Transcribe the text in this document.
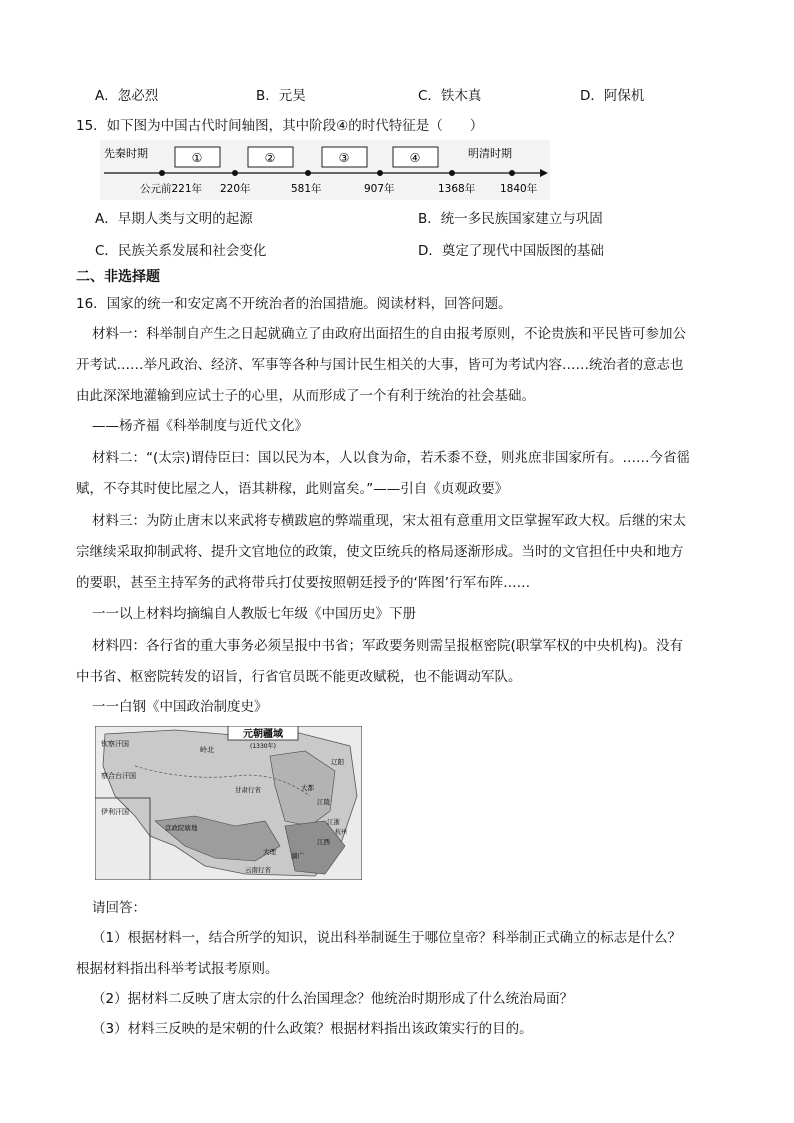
A．忽必烈	B．元昊	C．铁木真	D．阿保机
15．如下图为中国古代时间轴图，其中阶段④的时代特征是（　　）
先秦时期	明清时期
①	②	③	④
公元前221年 220年	581年	907年	1368年 1840年
A．早期人类与文明的起源	B．统一多民族国家建立与巩固
C．民族关系发展和社会变化	D．奠定了现代中国版图的基础
二、非选择题
16．国家的统一和安定离不开统治者的治国措施。阅读材料，回答问题。
材料一：科举制自产生之日起就确立了由政府出面招生的自由报考原则，不论贵族和平民皆可参加公
开考试……举凡政治、经济、军事等各种与国计民生相关的大事，皆可为考试内容……统治者的意志也
由此深深地灌输到应试士子的心里，从而形成了一个有利于统治的社会基础。
——杨齐福《科举制度与近代文化》
材料二：“(太宗)谓侍臣曰：国以民为本，人以食为命，若禾黍不登，则兆庶非国家所有。……今省徭
赋，不夺其时使比屋之人，语其耕稼，此则富矣。”——引自《贞观政要》
材料三：为防止唐末以来武将专横跋扈的弊端重现，宋太祖有意重用文臣掌握军政大权。后继的宋太
宗继续采取抑制武将、提升文官地位的政策，使文臣统兵的格局逐渐形成。当时的文官担任中央和地方
的要职，甚至主持军务的武将带兵打仗要按照朝廷授予的‘阵图’行军布阵……
一一以上材料均摘编自人教版七年级《中国历史》下册
材料四：各行省的重大事务必须呈报中书省；军政要务则需呈报枢密院(职掌军权的中央机构)。没有
中书省、枢密院转发的诏旨，行省官员既不能更改赋税，也不能调动军队。
一一白钢《中国政治制度史》
元朝疆域
(1330年)
钦察汗国
察合台汗国
伊利汗国
岭北
甘肃行省
宣政院辖地
江浙
江西
湖广
云南行省
辽阳
大都
江陵
大理
杭州
请回答：
（1）根据材料一，结合所学的知识，说出科举制诞生于哪位皇帝？科举制正式确立的标志是什么？
根据材料指出科举考试报考原则。
（2）据材料二反映了唐太宗的什么治国理念？他统治时期形成了什么统治局面？
（3）材料三反映的是宋朝的什么政策？根据材料指出该政策实行的目的。
